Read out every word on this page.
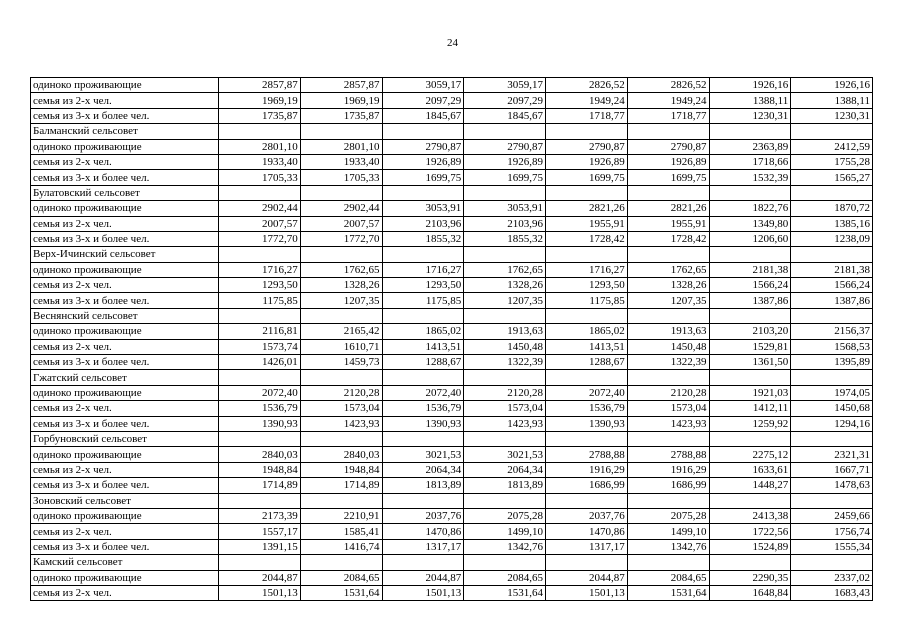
24
одиноко проживающие	2857,87	2857,87	3059,17	3059,17	2826,52	2826,52	1926,16	1926,16
семья из 2-х чел.	1969,19	1969,19	2097,29	2097,29	1949,24	1949,24	1388,11	1388,11
семья из 3-х и более чел.	1735,87	1735,87	1845,67	1845,67	1718,77	1718,77	1230,31	1230,31
Балманский сельсовет								
одиноко проживающие	2801,10	2801,10	2790,87	2790,87	2790,87	2790,87	2363,89	2412,59
семья из 2-х чел.	1933,40	1933,40	1926,89	1926,89	1926,89	1926,89	1718,66	1755,28
семья из 3-х и более чел.	1705,33	1705,33	1699,75	1699,75	1699,75	1699,75	1532,39	1565,27
Булатовский сельсовет								
одиноко проживающие	2902,44	2902,44	3053,91	3053,91	2821,26	2821,26	1822,76	1870,72
семья из 2-х чел.	2007,57	2007,57	2103,96	2103,96	1955,91	1955,91	1349,80	1385,16
семья из 3-х и более чел.	1772,70	1772,70	1855,32	1855,32	1728,42	1728,42	1206,60	1238,09
Верх-Ичинский сельсовет								
одиноко проживающие	1716,27	1762,65	1716,27	1762,65	1716,27	1762,65	2181,38	2181,38
семья из 2-х чел.	1293,50	1328,26	1293,50	1328,26	1293,50	1328,26	1566,24	1566,24
семья из 3-х и более чел.	1175,85	1207,35	1175,85	1207,35	1175,85	1207,35	1387,86	1387,86
Веснянский сельсовет								
одиноко проживающие	2116,81	2165,42	1865,02	1913,63	1865,02	1913,63	2103,20	2156,37
семья из 2-х чел.	1573,74	1610,71	1413,51	1450,48	1413,51	1450,48	1529,81	1568,53
семья из 3-х и более чел.	1426,01	1459,73	1288,67	1322,39	1288,67	1322,39	1361,50	1395,89
Гжатский сельсовет								
одиноко проживающие	2072,40	2120,28	2072,40	2120,28	2072,40	2120,28	1921,03	1974,05
семья из 2-х чел.	1536,79	1573,04	1536,79	1573,04	1536,79	1573,04	1412,11	1450,68
семья из 3-х и более чел.	1390,93	1423,93	1390,93	1423,93	1390,93	1423,93	1259,92	1294,16
Горбуновский сельсовет								
одиноко проживающие	2840,03	2840,03	3021,53	3021,53	2788,88	2788,88	2275,12	2321,31
семья из 2-х чел.	1948,84	1948,84	2064,34	2064,34	1916,29	1916,29	1633,61	1667,71
семья из 3-х и более чел.	1714,89	1714,89	1813,89	1813,89	1686,99	1686,99	1448,27	1478,63
Зоновский сельсовет								
одиноко проживающие	2173,39	2210,91	2037,76	2075,28	2037,76	2075,28	2413,38	2459,66
семья из 2-х чел.	1557,17	1585,41	1470,86	1499,10	1470,86	1499,10	1722,56	1756,74
семья из 3-х и более чел.	1391,15	1416,74	1317,17	1342,76	1317,17	1342,76	1524,89	1555,34
Камский сельсовет								
одиноко проживающие	2044,87	2084,65	2044,87	2084,65	2044,87	2084,65	2290,35	2337,02
семья из 2-х чел.	1501,13	1531,64	1501,13	1531,64	1501,13	1531,64	1648,84	1683,43
